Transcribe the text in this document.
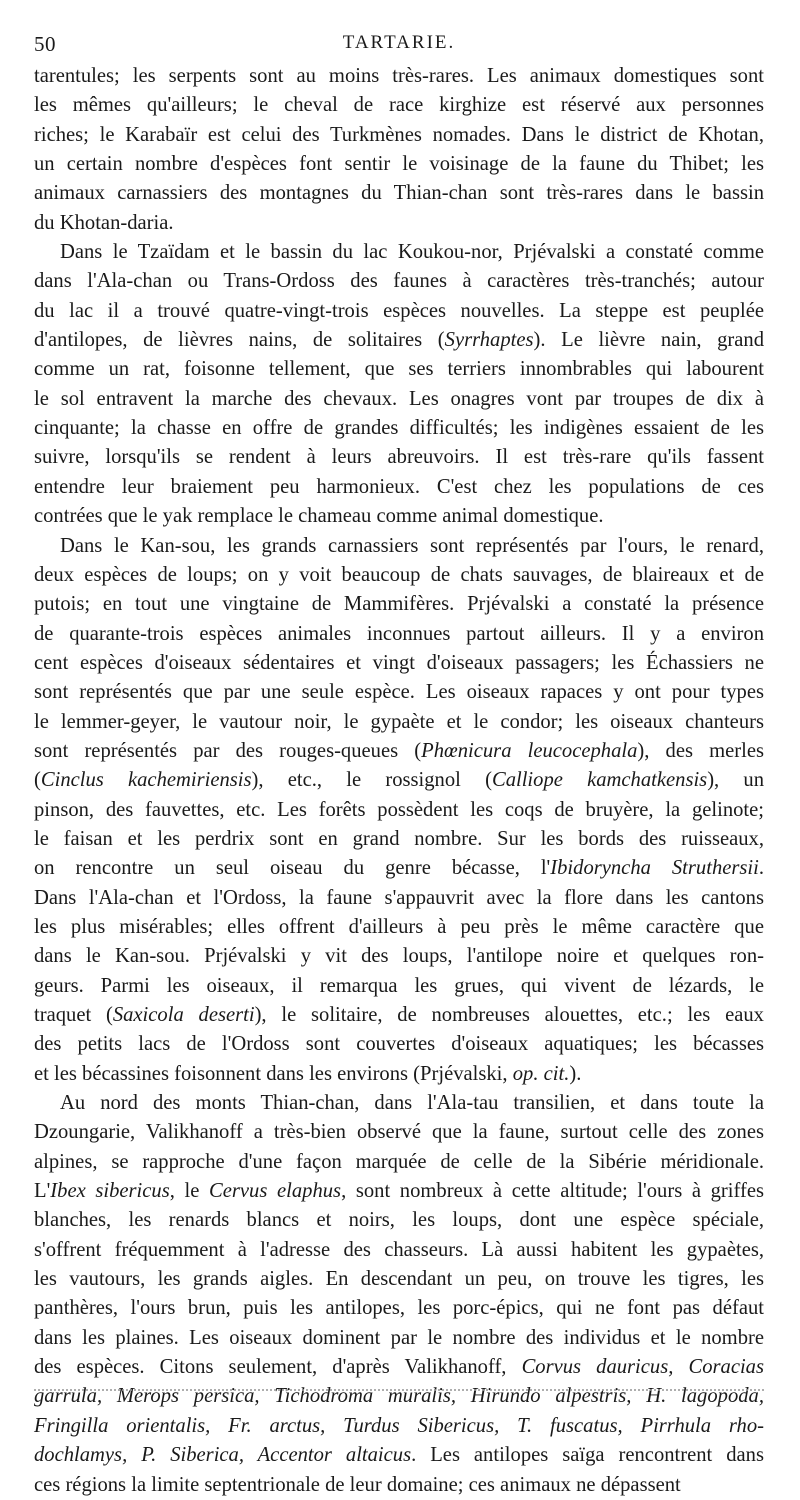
50	TARTARIE.

tarentules; les serpents sont au moins très-rares. Les animaux domestiques sont

les mêmes qu'ailleurs; le cheval de race kirghize est réservé aux personnes

riches; le Karabaïr est celui des Turkmènes nomades. Dans le district de Khotan,

un certain nombre d'espèces font sentir le voisinage de la faune du Thibet; les

animaux carnassiers des montagnes du Thian-chan sont très-rares dans le bassin

du Khotan-daria.

Dans le Tzaïdam et le bassin du lac Koukou-nor, Prjévalski a constaté comme

dans l'Ala-chan ou Trans-Ordoss des faunes à caractères très-tranchés; autour

du lac il a trouvé quatre-vingt-trois espèces nouvelles. La steppe est peuplée

d'antilopes, de lièvres nains, de solitaires (Syrrhaptes). Le lièvre nain, grand

comme un rat, foisonne tellement, que ses terriers innombrables qui labourent

le sol entravent la marche des chevaux. Les onagres vont par troupes de dix à

cinquante; la chasse en offre de grandes difficultés; les indigènes essaient de les

suivre, lorsqu'ils se rendent à leurs abreuvoirs. Il est très-rare qu'ils fassent

entendre leur braiement peu harmonieux. C'est chez les populations de ces

contrées que le yak remplace le chameau comme animal domestique.

Dans le Kan-sou, les grands carnassiers sont représentés par l'ours, le renard,

deux espèces de loups; on y voit beaucoup de chats sauvages, de blaireaux et de

putois; en tout une vingtaine de Mammifères. Prjévalski a constaté la présence

de quarante-trois espèces animales inconnues partout ailleurs. Il y a environ

cent espèces d'oiseaux sédentaires et vingt d'oiseaux passagers; les Échassiers ne

sont représentés que par une seule espèce. Les oiseaux rapaces y ont pour types

le lemmer-geyer, le vautour noir, le gypaète et le condor; les oiseaux chanteurs

sont représentés par des rouges-queues (Phœnicura leucocephala), des merles

(Cinclus kachemiriensis), etc., le rossignol (Calliope kamchatkensis), un

pinson, des fauvettes, etc. Les forêts possèdent les coqs de bruyère, la gelinote;

le faisan et les perdrix sont en grand nombre. Sur les bords des ruisseaux,

on rencontre un seul oiseau du genre bécasse, l'Ibidoryncha Struthersii.

Dans l'Ala-chan et l'Ordoss, la faune s'appauvrit avec la flore dans les cantons

les plus misérables; elles offrent d'ailleurs à peu près le même caractère que

dans le Kan-sou. Prjévalski y vit des loups, l'antilope noire et quelques ron-

geurs. Parmi les oiseaux, il remarqua les grues, qui vivent de lézards, le

traquet (Saxicola deserti), le solitaire, de nombreuses alouettes, etc.; les eaux

des petits lacs de l'Ordoss sont couvertes d'oiseaux aquatiques; les bécasses

et les bécassines foisonnent dans les environs (Prjévalski, op. cit.).

Au nord des monts Thian-chan, dans l'Ala-tau transilien, et dans toute la

Dzoungarie, Valikhanoff a très-bien observé que la faune, surtout celle des zones

alpines, se rapproche d'une façon marquée de celle de la Sibérie méridionale.

L'Ibex sibericus, le Cervus elaphus, sont nombreux à cette altitude; l'ours à griffes

blanches, les renards blancs et noirs, les loups, dont une espèce spéciale,

s'offrent fréquemment à l'adresse des chasseurs. Là aussi habitent les gypaètes,

les vautours, les grands aigles. En descendant un peu, on trouve les tigres, les

panthères, l'ours brun, puis les antilopes, les porc-épics, qui ne font pas défaut

dans les plaines. Les oiseaux dominent par le nombre des individus et le nombre

des espèces. Citons seulement, d'après Valikhanoff, Corvus dauricus, Coracias

garrula, Merops persica, Tichodroma muralis, Hirundo alpestris, H. lagopoda,

Fringilla orientalis, Fr. arctus, Turdus Sibericus, T. fuscatus, Pirrhula rho-

dochlamys, P. Siberica, Accentor altaicus. Les antilopes saïga rencontrent dans

ces régions la limite septentrionale de leur domaine; ces animaux ne dépassent
